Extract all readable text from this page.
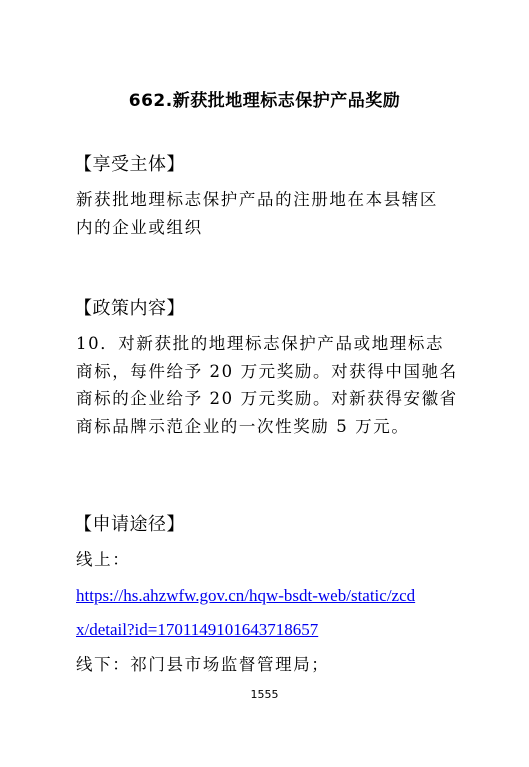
662.新获批地理标志保护产品奖励
【享受主体】
新获批地理标志保护产品的注册地在本县辖区
内的企业或组织
【政策内容】
10．对新获批的地理标志保护产品或地理标志
商标，每件给予 20 万元奖励。对获得中国驰名
商标的企业给予 20 万元奖励。对新获得安徽省
商标品牌示范企业的一次性奖励 5 万元。
【申请途径】
线上：
https://hs.ahzwfw.gov.cn/hqw-bsdt-web/static/zcd
x/detail?id=1701149101643718657
线下：祁门县市场监督管理局；
1555
